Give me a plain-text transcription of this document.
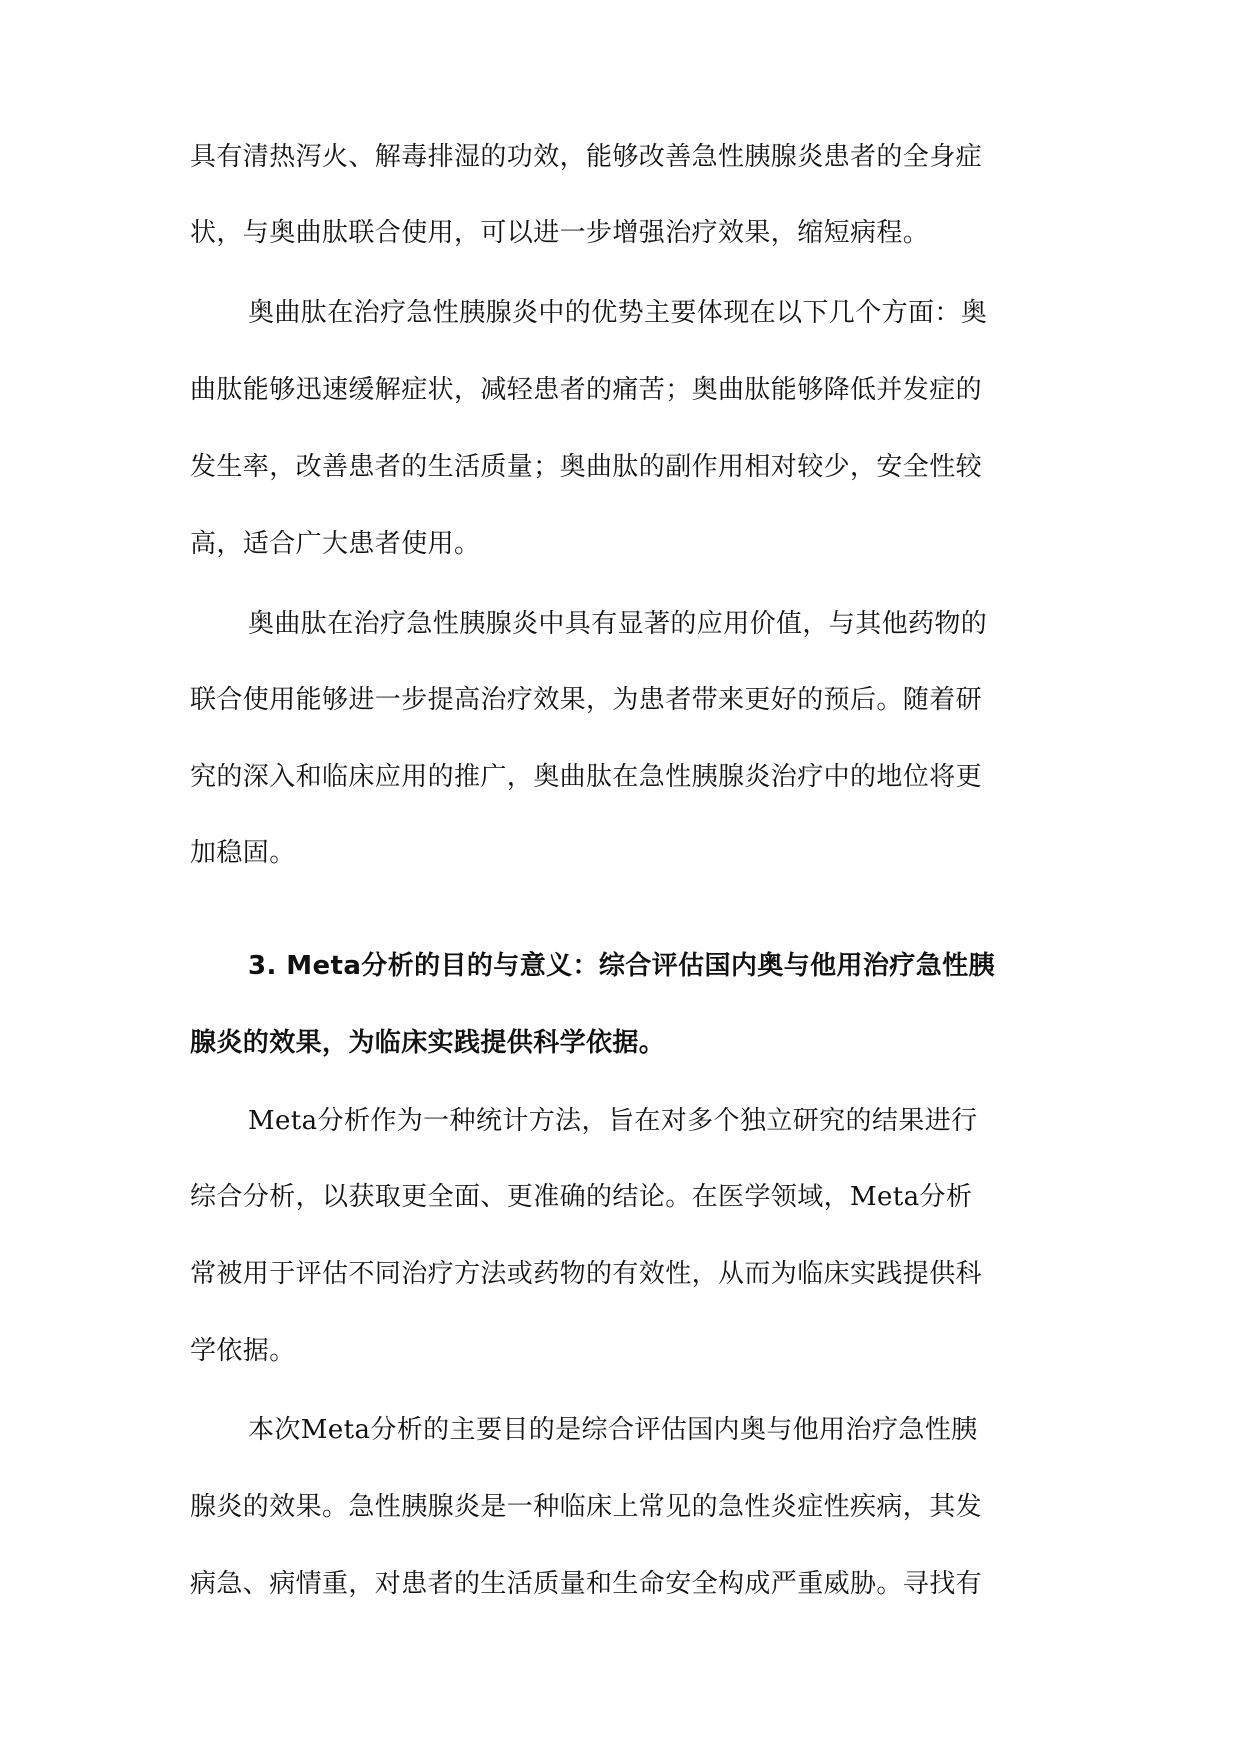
具有清热泻火、解毒排湿的功效，能够改善急性胰腺炎患者的全身症
状，与奥曲肽联合使用，可以进一步增强治疗效果，缩短病程。
奥曲肽在治疗急性胰腺炎中的优势主要体现在以下几个方面：奥
曲肽能够迅速缓解症状，减轻患者的痛苦；奥曲肽能够降低并发症的
发生率，改善患者的生活质量；奥曲肽的副作用相对较少，安全性较
高，适合广大患者使用。
奥曲肽在治疗急性胰腺炎中具有显著的应用价值，与其他药物的
联合使用能够进一步提高治疗效果，为患者带来更好的预后。随着研
究的深入和临床应用的推广，奥曲肽在急性胰腺炎治疗中的地位将更
加稳固。
3. Meta分析的目的与意义：综合评估国内奥与他用治疗急性胰
腺炎的效果，为临床实践提供科学依据。
Meta分析作为一种统计方法，旨在对多个独立研究的结果进行
综合分析，以获取更全面、更准确的结论。在医学领域，Meta分析
常被用于评估不同治疗方法或药物的有效性，从而为临床实践提供科
学依据。
本次Meta分析的主要目的是综合评估国内奥与他用治疗急性胰
腺炎的效果。急性胰腺炎是一种临床上常见的急性炎症性疾病，其发
病急、病情重，对患者的生活质量和生命安全构成严重威胁。寻找有
